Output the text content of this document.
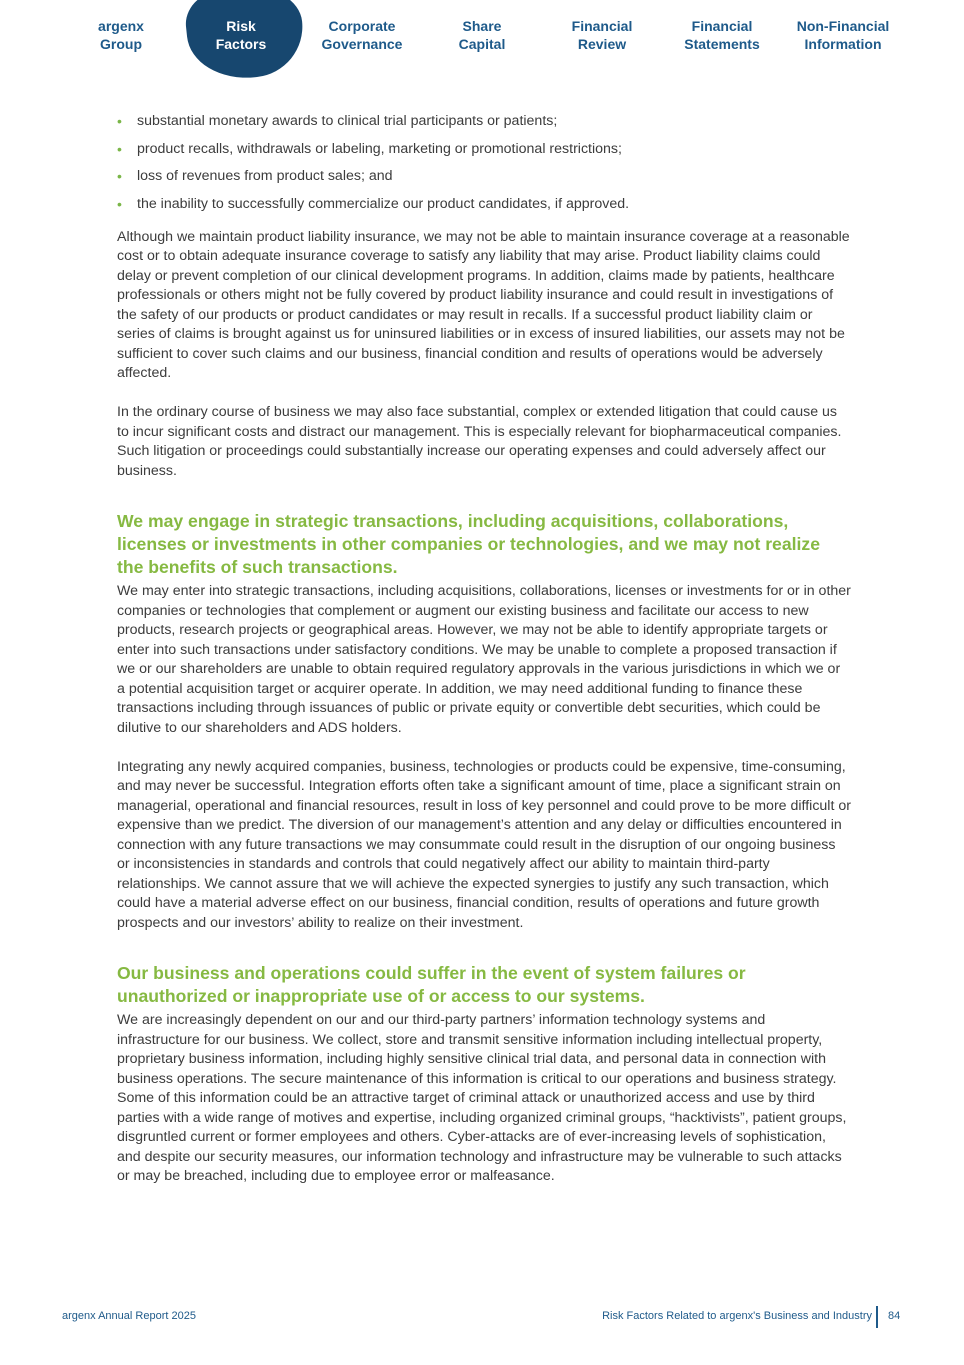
argenx
Group
Risk
Factors
Corporate
Governance
Share
Capital
Financial
Review
Financial
Statements
Non-Financial
Information
• substantial monetary awards to clinical trial participants or patients;
• product recalls, withdrawals or labeling, marketing or promotional restrictions;
• loss of revenues from product sales; and
• the inability to successfully commercialize our product candidates, if approved.

Although we maintain product liability insurance, we may not be able to maintain insurance coverage at a reasonable cost or to obtain adequate insurance coverage to satisfy any liability that may arise. Product liability claims could delay or prevent completion of our clinical development programs. In addition, claims made by patients, healthcare professionals or others might not be fully covered by product liability insurance and could result in investigations of the safety of our products or product candidates or may result in recalls. If a successful product liability claim or series of claims is brought against us for uninsured liabilities or in excess of insured liabilities, our assets may not be sufficient to cover such claims and our business, financial condition and results of operations would be adversely affected.

In the ordinary course of business we may also face substantial, complex or extended litigation that could cause us to incur significant costs and distract our management. This is especially relevant for biopharmaceutical companies. Such litigation or proceedings could substantially increase our operating expenses and could adversely affect our business.

We may engage in strategic transactions, including acquisitions, collaborations, licenses or investments in other companies or technologies, and we may not realize the benefits of such transactions.

We may enter into strategic transactions, including acquisitions, collaborations, licenses or investments for or in other companies or technologies that complement or augment our existing business and facilitate our access to new products, research projects or geographical areas. However, we may not be able to identify appropriate targets or enter into such transactions under satisfactory conditions. We may be unable to complete a proposed transaction if we or our shareholders are unable to obtain required regulatory approvals in the various jurisdictions in which we or a potential acquisition target or acquirer operate. In addition, we may need additional funding to finance these transactions including through issuances of public or private equity or convertible debt securities, which could be dilutive to our shareholders and ADS holders.

Integrating any newly acquired companies, business, technologies or products could be expensive, time-consuming, and may never be successful. Integration efforts often take a significant amount of time, place a significant strain on managerial, operational and financial resources, result in loss of key personnel and could prove to be more difficult or expensive than we predict. The diversion of our management’s attention and any delay or difficulties encountered in connection with any future transactions we may consummate could result in the disruption of our ongoing business or inconsistencies in standards and controls that could negatively affect our ability to maintain third-party relationships. We cannot assure that we will achieve the expected synergies to justify any such transaction, which could have a material adverse effect on our business, financial condition, results of operations and future growth prospects and our investors’ ability to realize on their investment.

Our business and operations could suffer in the event of system failures or unauthorized or inappropriate use of or access to our systems.

We are increasingly dependent on our and our third-party partners’ information technology systems and infrastructure for our business. We collect, store and transmit sensitive information including intellectual property, proprietary business information, including highly sensitive clinical trial data, and personal data in connection with business operations. The secure maintenance of this information is critical to our operations and business strategy. Some of this information could be an attractive target of criminal attack or unauthorized access and use by third parties with a wide range of motives and expertise, including organized criminal groups, “hacktivists”, patient groups, disgruntled current or former employees and others. Cyber-attacks are of ever-increasing levels of sophistication, and despite our security measures, our information technology and infrastructure may be vulnerable to such attacks or may be breached, including due to employee error or malfeasance.

argenx Annual Report 2025	Risk Factors Related to argenx's Business and Industry 84
